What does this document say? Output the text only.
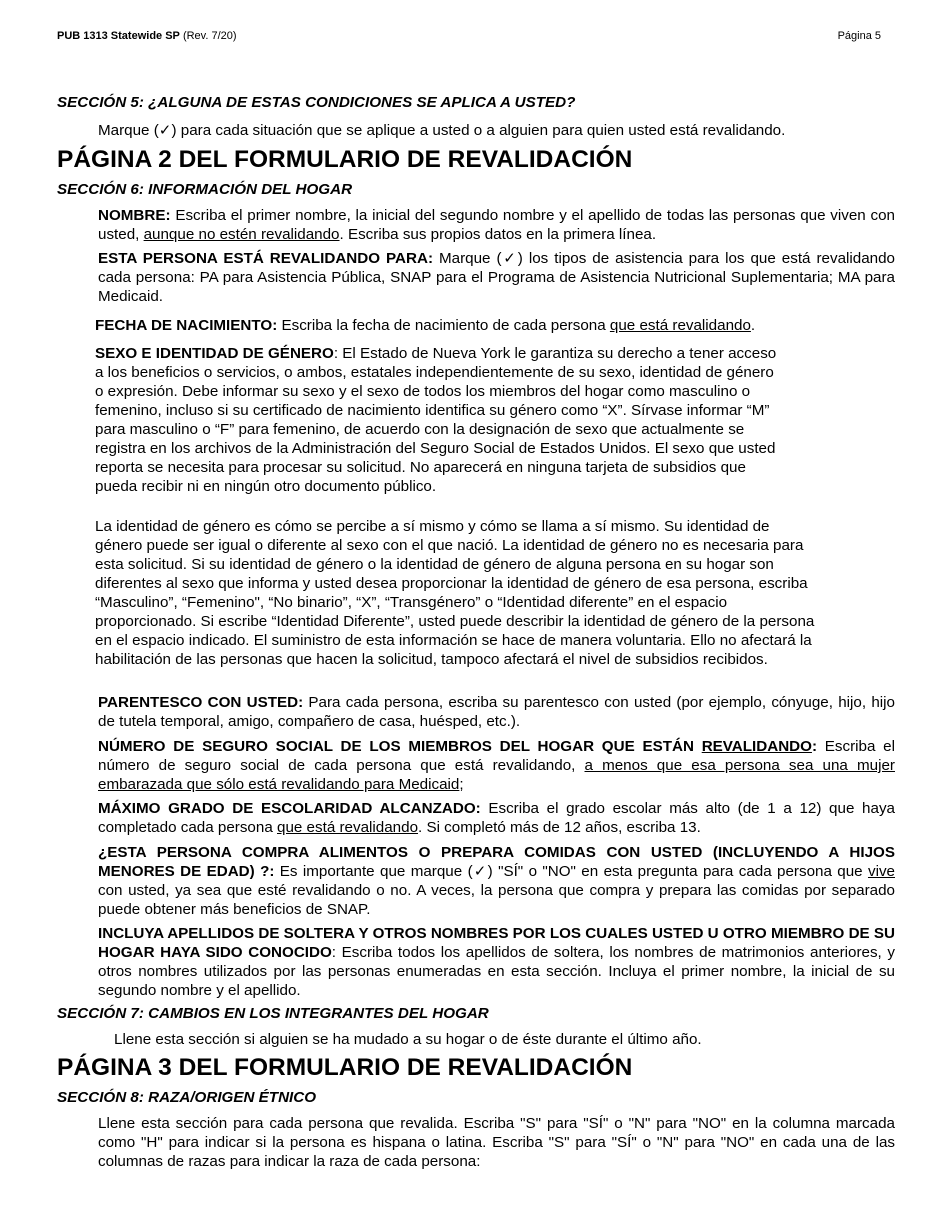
PUB 1313 Statewide SP (Rev. 7/20)	Página 5
SECCIÓN 5: ¿ALGUNA DE ESTAS CONDICIONES SE APLICA A USTED?
Marque (✓) para cada situación que se aplique a usted o a alguien para quien usted está revalidando.
PÁGINA 2 DEL FORMULARIO DE REVALIDACIÓN
SECCIÓN 6: INFORMACIÓN DEL HOGAR
NOMBRE: Escriba el primer nombre, la inicial del segundo nombre y el apellido de todas las personas que viven con usted, aunque no estén revalidando. Escriba sus propios datos en la primera línea.
ESTA PERSONA ESTÁ REVALIDANDO PARA: Marque (✓) los tipos de asistencia para los que está revalidando cada persona: PA para Asistencia Pública, SNAP para el Programa de Asistencia Nutricional Suplementaria; MA para Medicaid.
FECHA DE NACIMIENTO: Escriba la fecha de nacimiento de cada persona que está revalidando.
SEXO E IDENTIDAD DE GÉNERO: El Estado de Nueva York le garantiza su derecho a tener acceso a los beneficios o servicios, o ambos, estatales independientemente de su sexo, identidad de género o expresión. Debe informar su sexo y el sexo de todos los miembros del hogar como masculino o femenino, incluso si su certificado de nacimiento identifica su género como “X”. Sírvase informar “M” para masculino o “F” para femenino, de acuerdo con la designación de sexo que actualmente se registra en los archivos de la Administración del Seguro Social de Estados Unidos. El sexo que usted reporta se necesita para procesar su solicitud. No aparecerá en ninguna tarjeta de subsidios que pueda recibir ni en ningún otro documento público.
La identidad de género es cómo se percibe a sí mismo y cómo se llama a sí mismo. Su identidad de género puede ser igual o diferente al sexo con el que nació. La identidad de género no es necesaria para esta solicitud. Si su identidad de género o la identidad de género de alguna persona en su hogar son diferentes al sexo que informa y usted desea proporcionar la identidad de género de esa persona, escriba “Masculino”, “Femenino", “No binario”, “X”, “Transgénero” o “Identidad diferente” en el espacio proporcionado. Si escribe “Identidad Diferente”, usted puede describir la identidad de género de la persona en el espacio indicado. El suministro de esta información se hace de manera voluntaria. Ello no afectará la habilitación de las personas que hacen la solicitud, tampoco afectará el nivel de subsidios recibidos.
PARENTESCO CON USTED: Para cada persona, escriba su parentesco con usted (por ejemplo, cónyuge, hijo, hijo de tutela temporal, amigo, compañero de casa, huésped, etc.).
NÚMERO DE SEGURO SOCIAL DE LOS MIEMBROS DEL HOGAR QUE ESTÁN REVALIDANDO: Escriba el número de seguro social de cada persona que está revalidando, a menos que esa persona sea una mujer embarazada que sólo está revalidando para Medicaid;
MÁXIMO GRADO DE ESCOLARIDAD ALCANZADO: Escriba el grado escolar más alto (de 1 a 12) que haya completado cada persona que está revalidando. Si completó más de 12 años, escriba 13.
¿ESTA PERSONA COMPRA ALIMENTOS O PREPARA COMIDAS CON USTED (INCLUYENDO A HIJOS MENORES DE EDAD) ?: Es importante que marque (✓) "SÍ" o "NO" en esta pregunta para cada persona que vive con usted, ya sea que esté revalidando o no. A veces, la persona que compra y prepara las comidas por separado puede obtener más beneficios de SNAP.
INCLUYA APELLIDOS DE SOLTERA Y OTROS NOMBRES POR LOS CUALES USTED U OTRO MIEMBRO DE SU HOGAR HAYA SIDO CONOCIDO: Escriba todos los apellidos de soltera, los nombres de matrimonios anteriores, y otros nombres utilizados por las personas enumeradas en esta sección. Incluya el primer nombre, la inicial de su segundo nombre y el apellido.
SECCIÓN 7: CAMBIOS EN LOS INTEGRANTES DEL HOGAR
Llene esta sección si alguien se ha mudado a su hogar o de éste durante el último año.
PÁGINA 3 DEL FORMULARIO DE REVALIDACIÓN
SECCIÓN 8: RAZA/ORIGEN ÉTNICO
Llene esta sección para cada persona que revalida. Escriba "S" para "SÍ" o "N" para "NO" en la columna marcada como "H" para indicar si la persona es hispana o latina. Escriba "S" para "SÍ" o "N" para "NO" en cada una de las columnas de razas para indicar la raza de cada persona:
